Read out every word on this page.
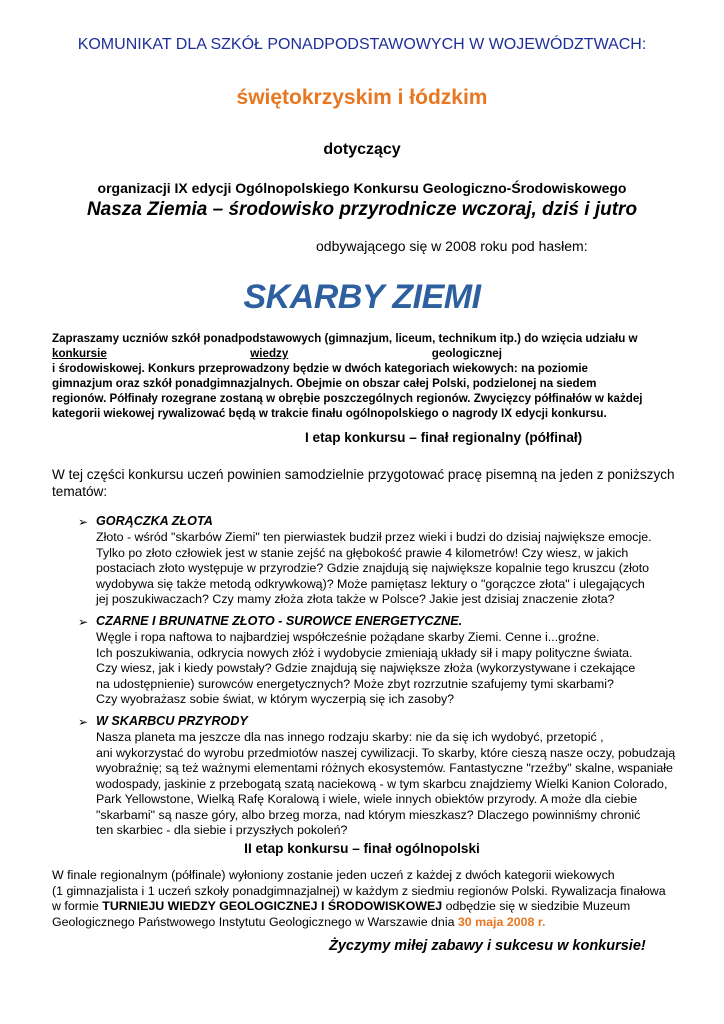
KOMUNIKAT DLA SZKÓŁ PONADPODSTAWOWYCH W WOJEWÓDZTWACH:
świętokrzyskim i łódzkim
dotyczący
organizacji IX edycji Ogólnopolskiego Konkursu Geologiczno-Środowiskowego
Nasza Ziemia – środowisko przyrodnicze wczoraj, dziś i jutro
odbywającego się w 2008 roku pod hasłem:
SKARBY ZIEMI
Zapraszamy uczniów szkół ponadpodstawowych (gimnazjum, liceum, technikum itp.) do wzięcia udziału w
konkursie	wiedzy	geologicznej
i środowiskowej. Konkurs przeprowadzony będzie w dwóch kategoriach wiekowych: na poziomie
gimnazjum oraz szkół ponadgimnazjalnych. Obejmie on obszar całej Polski, podzielonej na siedem
regionów. Półfinały rozegrane zostaną w obrębie poszczególnych regionów. Zwycięzcy półfinałów w każdej
kategorii wiekowej rywalizować będą w trakcie finału ogólnopolskiego o nagrody IX edycji konkursu.
I etap konkursu – finał regionalny (półfinał)
W tej części konkursu uczeń powinien samodzielnie przygotować pracę pisemną na jeden z poniższych
tematów:
➢ GORĄCZKA ZŁOTA
Złoto - wśród "skarbów Ziemi" ten pierwiastek budził przez wieki i budzi do dzisiaj największe emocje.
Tylko po złoto człowiek jest w stanie zejść na głębokość prawie 4 kilometrów! Czy wiesz, w jakich
postaciach złoto występuje w przyrodzie? Gdzie znajdują się największe kopalnie tego kruszcu (złoto
wydobywa się także metodą odkrywkową)? Może pamiętasz lektury o "gorączce złota" i ulegających
jej poszukiwaczach? Czy mamy złoża złota także w Polsce? Jakie jest dzisiaj znaczenie złota?
➢ CZARNE I BRUNATNE ZŁOTO - SUROWCE ENERGETYCZNE.
Węgle i ropa naftowa to najbardziej współcześnie pożądane skarby Ziemi. Cenne i...groźne.
Ich poszukiwania, odkrycia nowych złóż i wydobycie zmieniają układy sił i mapy polityczne świata.
Czy wiesz, jak i kiedy powstały? Gdzie znajdują się największe złoża (wykorzystywane i czekające
na udostępnienie) surowców energetycznych? Może zbyt rozrzutnie szafujemy tymi skarbami?
Czy wyobrażasz sobie świat, w którym wyczerpią się ich zasoby?
➢ W SKARBCU PRZYRODY
Nasza planeta ma jeszcze dla nas innego rodzaju skarby: nie da się ich wydobyć, przetopić ,
ani wykorzystać do wyrobu przedmiotów naszej cywilizacji. To skarby, które cieszą nasze oczy, pobudzają
wyobraźnię; są też ważnymi elementami różnych ekosystemów. Fantastyczne "rzeźby" skalne, wspaniałe
wodospady, jaskinie z przebogatą szatą naciekową - w tym skarbcu znajdziemy Wielki Kanion Colorado,
Park Yellowstone, Wielką Rafę Koralową i wiele, wiele innych obiektów przyrody. A może dla ciebie
"skarbami" są nasze góry, albo brzeg morza, nad którym mieszkasz? Dlaczego powinniśmy chronić
ten skarbiec - dla siebie i przyszłych pokoleń?
II etap konkursu – finał ogólnopolski
W finale regionalnym (półfinale) wyłoniony zostanie jeden uczeń z każdej z dwóch kategorii wiekowych
(1 gimnazjalista i 1 uczeń szkoły ponadgimnazjalnej) w każdym z siedmiu regionów Polski. Rywalizacja finałowa
w formie TURNIEJU WIEDZY GEOLOGICZNEJ I ŚRODOWISKOWEJ odbędzie się w siedzibie Muzeum
Geologicznego Państwowego Instytutu Geologicznego w Warszawie dnia 30 maja 2008 r.
Życzymy miłej zabawy i sukcesu w konkursie!
